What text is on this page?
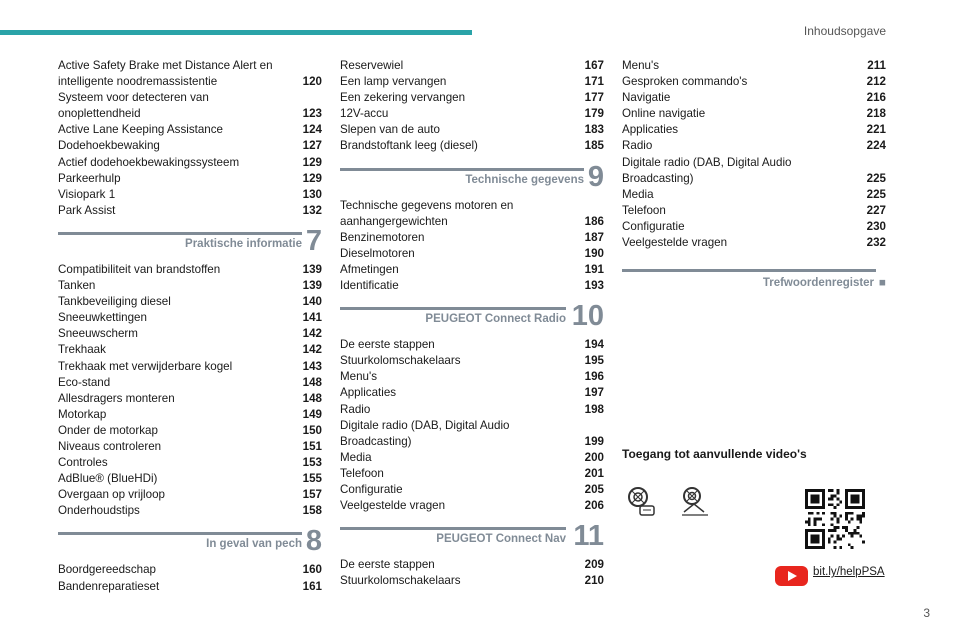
Inhoudsopgave
Active Safety Brake met Distance Alert en intelligente noodremassistentie	120
Systeem voor detecteren van onoplettendheid	123
Active Lane Keeping Assistance	124
Dodehoekbewaking	127
Actief dodehoekbewakingssysteem	129
Parkeerhulp	129
Visiopark 1	130
Park Assist	132
Praktische informatie 7
Compatibiliteit van brandstoffen	139
Tanken	139
Tankbeveiliging diesel	140
Sneeuwkettingen	141
Sneeuwscherm	142
Trekhaak	142
Trekhaak met verwijderbare kogel	143
Eco-stand	148
Allesdragers monteren	148
Motorkap	149
Onder de motorkap	150
Niveaus controleren	151
Controles	153
AdBlue® (BlueHDi)	155
Overgaan op vrijloop	157
Onderhoudstips	158
In geval van pech 8
Boordgereedschap	160
Bandenreparatieset	161
Reservewiel	167
Een lamp vervangen	171
Een zekering vervangen	177
12V-accu	179
Slepen van de auto	183
Brandstoftank leeg (diesel)	185
Technische gegevens 9
Technische gegevens motoren en aanhangergewichten	186
Benzinemotoren	187
Dieselmotoren	190
Afmetingen	191
Identificatie	193
PEUGEOT Connect Radio 10
De eerste stappen	194
Stuurkolomschakelaars	195
Menu's	196
Applicaties	197
Radio	198
Digitale radio (DAB, Digital Audio Broadcasting)	199
Media	200
Telefoon	201
Configuratie	205
Veelgestelde vragen	206
PEUGEOT Connect Nav 11
De eerste stappen	209
Stuurkolomschakelaars	210
Menu's	211
Gesproken commando's	212
Navigatie	216
Online navigatie	218
Applicaties	221
Radio	224
Digitale radio (DAB, Digital Audio Broadcasting)	225
Media	225
Telefoon	227
Configuratie	230
Veelgestelde vragen	232
Trefwoordenregister ■
Toegang tot aanvullende video's
bit.ly/helpPSA
3
